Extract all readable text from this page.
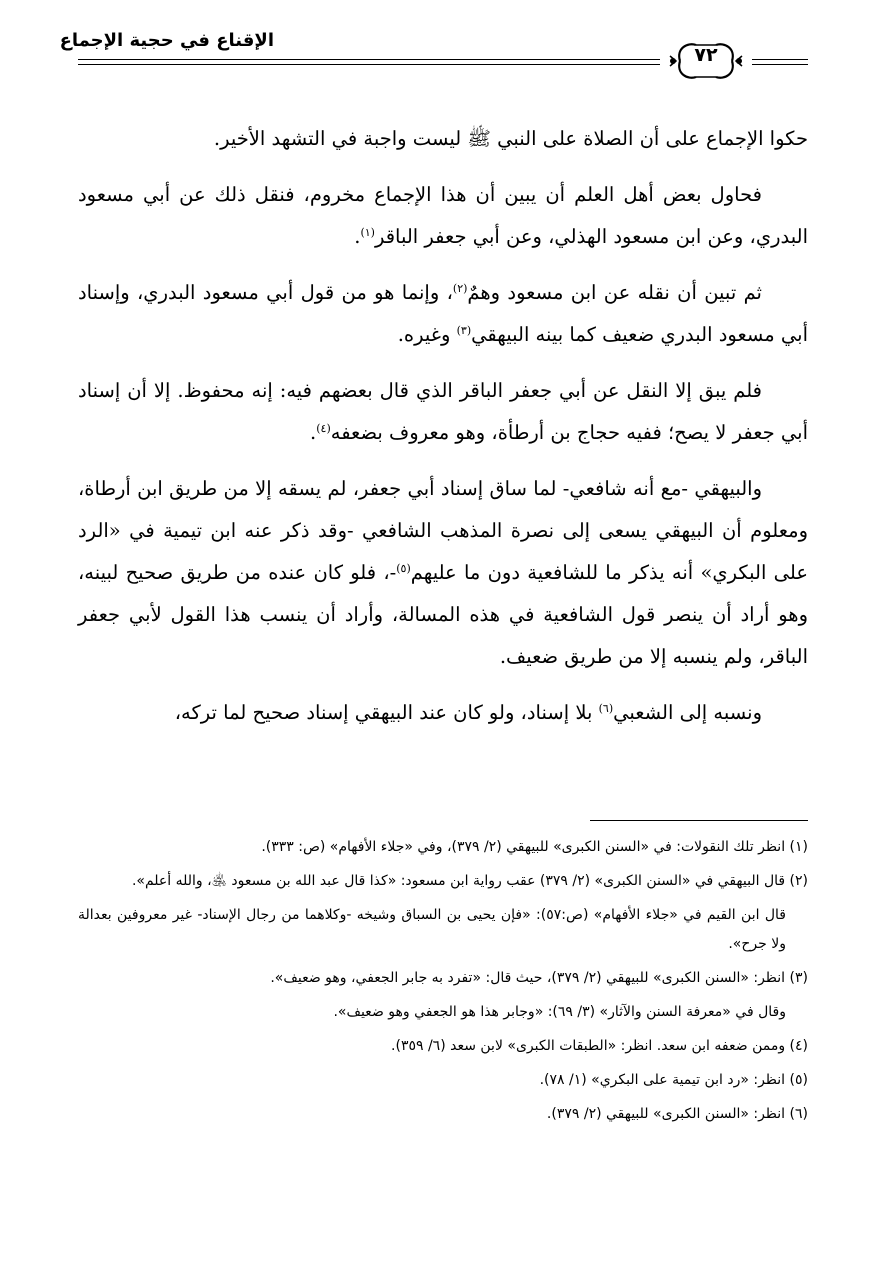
الإقناع في حجية الإجماع
٧٢

حكوا الإجماع على أن الصلاة على النبي ﷺ ليست واجبة في التشهد الأخير.

فحاول بعض أهل العلم أن يبين أن هذا الإجماع مخروم، فنقل ذلك عن أبي مسعود البدري، وعن ابن مسعود الهذلي، وعن أبي جعفر الباقر$^{(١)}$.

ثم تبين أن نقله عن ابن مسعود وهمٌ$^{(٢)}$، وإنما هو من قول أبي مسعود البدري، وإسناد أبي مسعود البدري ضعيف كما بينه البيهقي$^{(٣)}$ وغيره.

فلم يبق إلا النقل عن أبي جعفر الباقر الذي قال بعضهم فيه: إنه محفوظ. إلا أن إسناد أبي جعفر لا يصح؛ ففيه حجاج بن أرطأة، وهو معروف بضعفه$^{(٤)}$.

والبيهقي -مع أنه شافعي- لما ساق إسناد أبي جعفر، لم يسقه إلا من طريق ابن أرطاة، ومعلوم أن البيهقي يسعى إلى نصرة المذهب الشافعي -وقد ذكر عنه ابن تيمية في «الرد على البكري» أنه يذكر ما للشافعية دون ما عليهم$^{(٥)}$-، فلو كان عنده من طريق صحيح لبينه، وهو أراد أن ينصر قول الشافعية في هذه المسالة، وأراد أن ينسب هذا القول لأبي جعفر الباقر، ولم ينسبه إلا من طريق ضعيف.

ونسبه إلى الشعبي$^{(٦)}$ بلا إسناد، ولو كان عند البيهقي إسناد صحيح لما تركه،

(١) انظر تلك النقولات: في «السنن الكبرى» للبيهقي (٢/ ٣٧٩)، وفي «جلاء الأفهام» (ص: ٣٣٣).

(٢) قال البيهقي في «السنن الكبرى» (٢/ ٣٧٩) عقب رواية ابن مسعود: «كذا قال عبد الله بن مسعود ﵁، والله أعلم».

قال ابن القيم في «جلاء الأفهام» (ص:٥٧): «فإن يحيى بن السباق وشيخه -وكلاهما من رجال الإسناد- غير معروفين بعدالة ولا جرح».

(٣) انظر: «السنن الكبرى» للبيهقي (٢/ ٣٧٩)، حيث قال: «تفرد به جابر الجعفي، وهو ضعيف».

وقال في «معرفة السنن والآثار» (٣/ ٦٩): «وجابر هذا هو الجعفي وهو ضعيف».

(٤) وممن ضعفه ابن سعد. انظر: «الطبقات الكبرى» لابن سعد (٦/ ٣٥٩).

(٥) انظر: «رد ابن تيمية على البكري» (١/ ٧٨).

(٦) انظر: «السنن الكبرى» للبيهقي (٢/ ٣٧٩).
